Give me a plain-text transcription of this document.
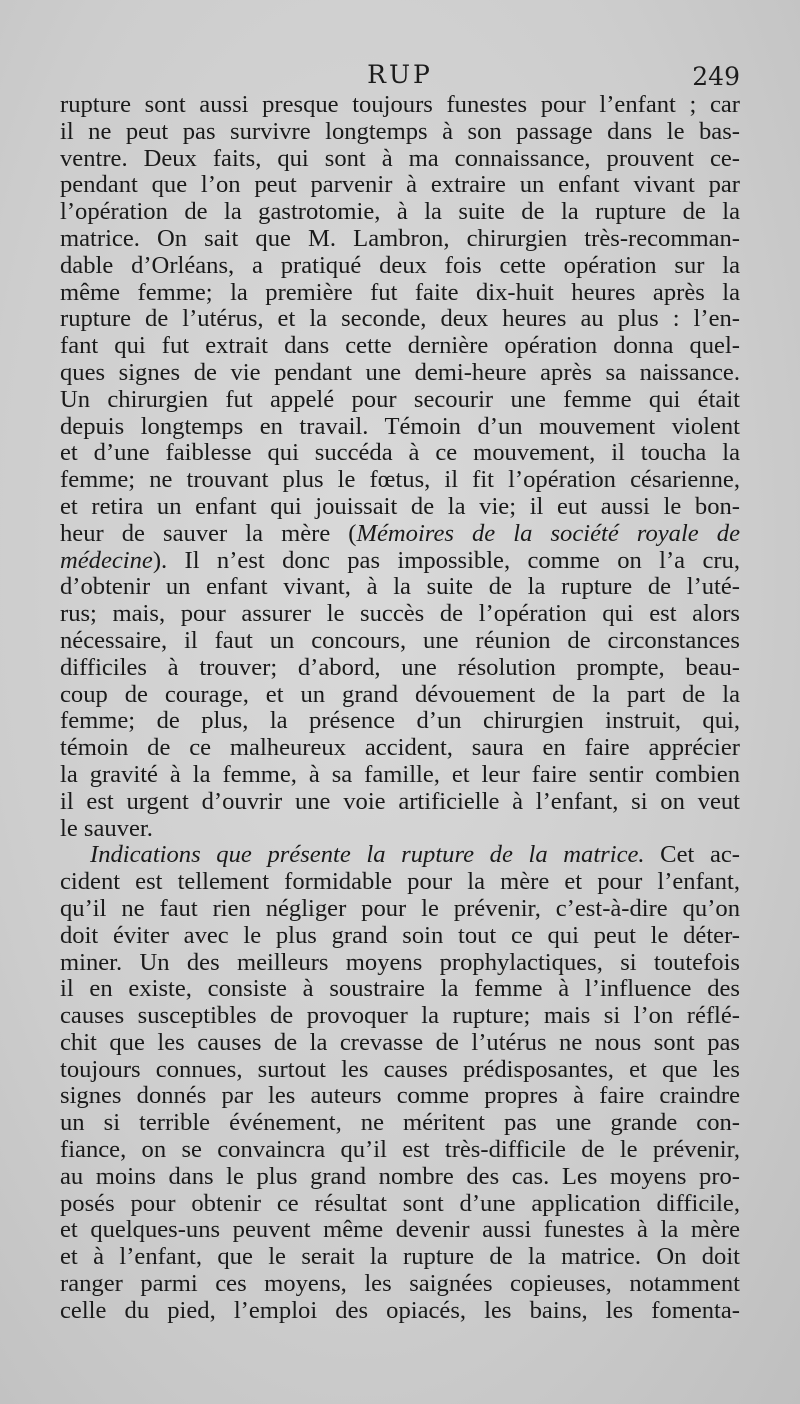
RUP	249
rupture sont aussi presque toujours funestes pour l’enfant ; car
il ne peut pas survivre longtemps à son passage dans le bas-
ventre. Deux faits, qui sont à ma connaissance, prouvent ce-
pendant que l’on peut parvenir à extraire un enfant vivant par
l’opération de la gastrotomie, à la suite de la rupture de la
matrice. On sait que M. Lambron, chirurgien très-recomman-
dable d’Orléans, a pratiqué deux fois cette opération sur la
même femme; la première fut faite dix-huit heures après la
rupture de l’utérus, et la seconde, deux heures au plus : l’en-
fant qui fut extrait dans cette dernière opération donna quel-
ques signes de vie pendant une demi-heure après sa naissance.
Un chirurgien fut appelé pour secourir une femme qui était
depuis longtemps en travail. Témoin d’un mouvement violent
et d’une faiblesse qui succéda à ce mouvement, il toucha la
femme; ne trouvant plus le fœtus, il fit l’opération césarienne,
et retira un enfant qui jouissait de la vie; il eut aussi le bon-
heur de sauver la mère (Mémoires de la société royale de
médecine). Il n’est donc pas impossible, comme on l’a cru,
d’obtenir un enfant vivant, à la suite de la rupture de l’uté-
rus; mais, pour assurer le succès de l’opération qui est alors
nécessaire, il faut un concours, une réunion de circonstances
difficiles à trouver; d’abord, une résolution prompte, beau-
coup de courage, et un grand dévouement de la part de la
femme; de plus, la présence d’un chirurgien instruit, qui,
témoin de ce malheureux accident, saura en faire apprécier
la gravité à la femme, à sa famille, et leur faire sentir combien
il est urgent d’ouvrir une voie artificielle à l’enfant, si on veut
le sauver.
Indications que présente la rupture de la matrice. Cet ac-
cident est tellement formidable pour la mère et pour l’enfant,
qu’il ne faut rien négliger pour le prévenir, c’est-à-dire qu’on
doit éviter avec le plus grand soin tout ce qui peut le déter-
miner. Un des meilleurs moyens prophylactiques, si toutefois
il en existe, consiste à soustraire la femme à l’influence des
causes susceptibles de provoquer la rupture; mais si l’on réflé-
chit que les causes de la crevasse de l’utérus ne nous sont pas
toujours connues, surtout les causes prédisposantes, et que les
signes donnés par les auteurs comme propres à faire craindre
un si terrible événement, ne méritent pas une grande con-
fiance, on se convaincra qu’il est très-difficile de le prévenir,
au moins dans le plus grand nombre des cas. Les moyens pro-
posés pour obtenir ce résultat sont d’une application difficile,
et quelques-uns peuvent même devenir aussi funestes à la mère
et à l’enfant, que le serait la rupture de la matrice. On doit
ranger parmi ces moyens, les saignées copieuses, notamment
celle du pied, l’emploi des opiacés, les bains, les fomenta-
